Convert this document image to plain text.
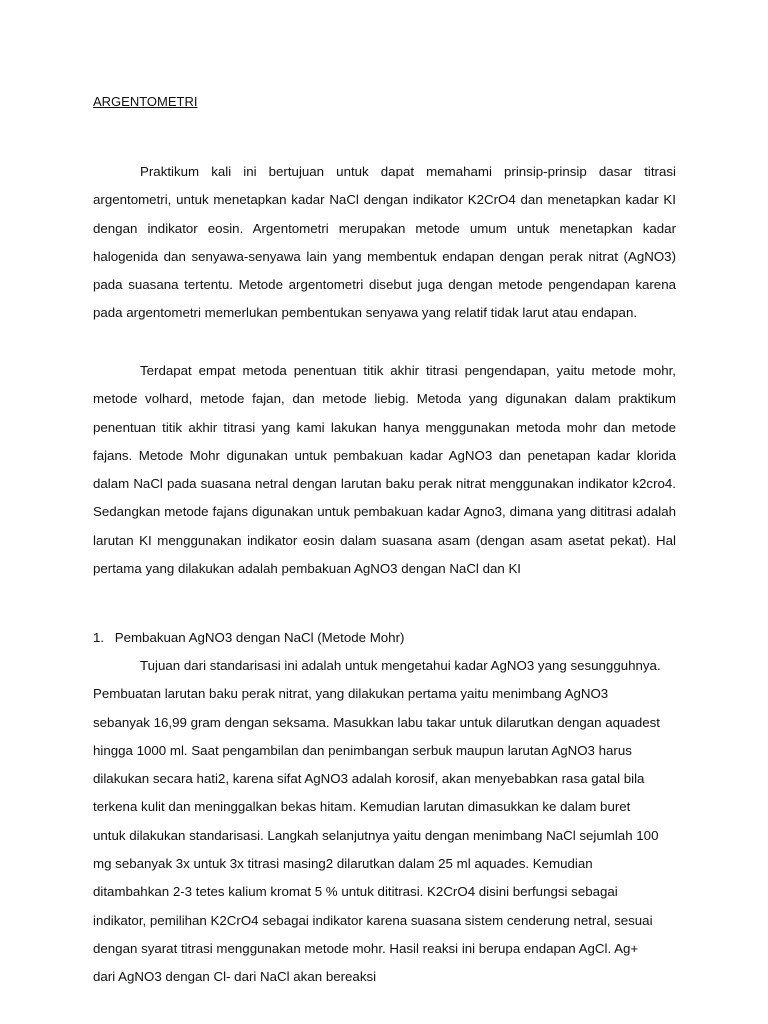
ARGENTOMETRI

Praktikum kali ini bertujuan untuk dapat memahami prinsip-prinsip dasar titrasi argentometri, untuk menetapkan kadar NaCl dengan indikator K2CrO4 dan menetapkan kadar KI dengan indikator eosin. Argentometri merupakan metode umum untuk menetapkan kadar halogenida dan senyawa-senyawa lain yang membentuk endapan dengan perak nitrat (AgNO3) pada suasana tertentu. Metode argentometri disebut juga dengan metode pengendapan karena pada argentometri memerlukan pembentukan senyawa yang relatif tidak larut atau endapan.

Terdapat empat metoda penentuan titik akhir titrasi pengendapan, yaitu metode mohr, metode volhard, metode fajan, dan metode liebig. Metoda yang digunakan dalam praktikum penentuan titik akhir titrasi yang kami lakukan hanya menggunakan metoda mohr dan metode fajans. Metode Mohr digunakan untuk pembakuan kadar AgNO3 dan penetapan kadar klorida dalam NaCl pada suasana netral dengan larutan baku perak nitrat menggunakan indikator k2cro4. Sedangkan metode fajans digunakan untuk pembakuan kadar Agno3, dimana yang dititrasi adalah larutan KI menggunakan indikator eosin dalam suasana asam (dengan asam asetat pekat). Hal pertama yang dilakukan adalah pembakuan AgNO3 dengan NaCl dan KI

1. Pembakuan AgNO3 dengan NaCl (Metode Mohr)

Tujuan dari standarisasi ini adalah untuk mengetahui kadar AgNO3 yang sesungguhnya. Pembuatan larutan baku perak nitrat, yang dilakukan pertama yaitu menimbang AgNO3 sebanyak 16,99 gram dengan seksama. Masukkan labu takar untuk dilarutkan dengan aquadest hingga 1000 ml. Saat pengambilan dan penimbangan serbuk maupun larutan AgNO3 harus dilakukan secara hati2, karena sifat AgNO3 adalah korosif, akan menyebabkan rasa gatal bila terkena kulit dan meninggalkan bekas hitam. Kemudian larutan dimasukkan ke dalam buret untuk dilakukan standarisasi. Langkah selanjutnya yaitu dengan menimbang NaCl sejumlah 100 mg sebanyak 3x untuk 3x titrasi masing2 dilarutkan dalam 25 ml aquades. Kemudian ditambahkan 2-3 tetes kalium kromat 5 % untuk dititrasi. K2CrO4 disini berfungsi sebagai indikator, pemilihan K2CrO4 sebagai indikator karena suasana sistem cenderung netral, sesuai dengan syarat titrasi menggunakan metode mohr. Hasil reaksi ini berupa endapan AgCl. Ag+ dari AgNO3 dengan Cl- dari NaCl akan bereaksi
